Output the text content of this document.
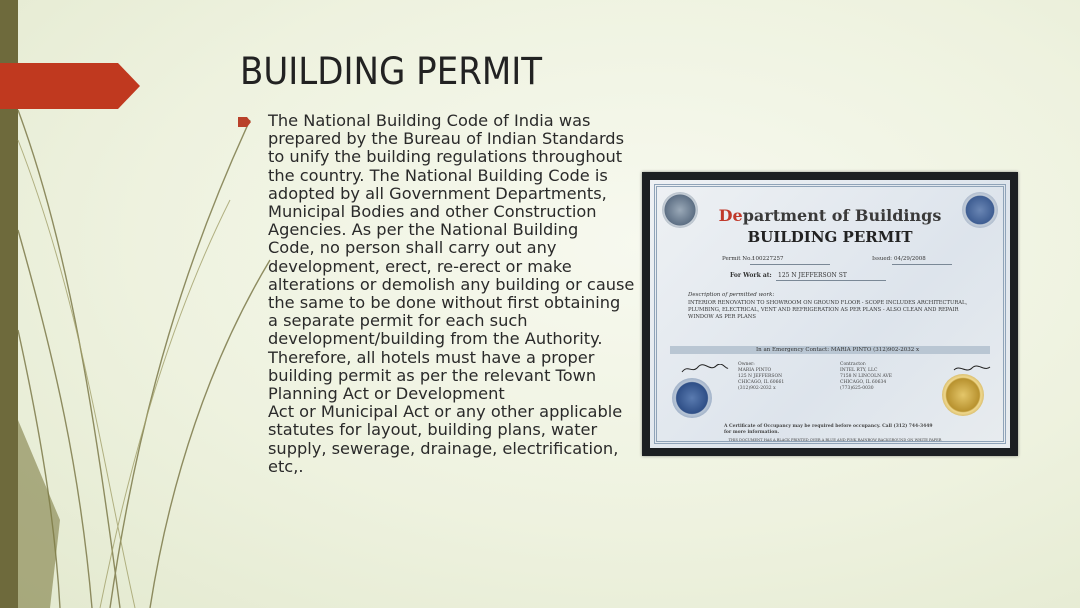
BUILDING PERMIT
The National Building Code of India was
prepared by the Bureau of Indian Standards
to unify the building regulations throughout
the country. The National Building Code is
adopted by all Government Departments,
Municipal Bodies and other Construction
Agencies. As per the National Building
Code, no person shall carry out any
development, erect, re-erect or make
alterations or demolish any building or cause
the same to be done without first obtaining
a separate permit for each such
development/building from the Authority.
Therefore, all hotels must have a proper
building permit as per the relevant Town
Planning Act or Development
Act or Municipal Act or any other applicable
statutes for layout, building plans, water
supply, sewerage, drainage, electrification,
etc,.
Department of Buildings
BUILDING PERMIT
Permit No.:
100227257	Issued: 04/29/2008
For Work at: 125 N JEFFERSON ST
Description of permitted work:
INTERIOR RENOVATION TO SHOWROOM ON GROUND FLOOR - SCOPE INCLUDES ARCHITECTURAL, PLUMBING, ELECTRICAL, VENT AND REFRIGERATION AS PER PLANS - ALSO CLEAN AND REPAIR WINDOW AS PER PLANS
In an Emergency Contact: MARIA PINTO (312)902-2032 x
Owner:
MARIA PINTO
125 N JEFFERSON
CHICAGO, IL 60661
(312)902-2032 x
Contractor:
INTEL RTY, LLC
7158 N LINCOLN AVE
CHICAGO, IL 60634
(773)625-0030
A Certificate of Occupancy may be required before occupancy. Call (312) 744-3449 for more information.
THIS DOCUMENT HAS A BLACK PRINTED OVER A BLUE AND PINK RAINBOW BACKGROUND ON WHITE PAPER
